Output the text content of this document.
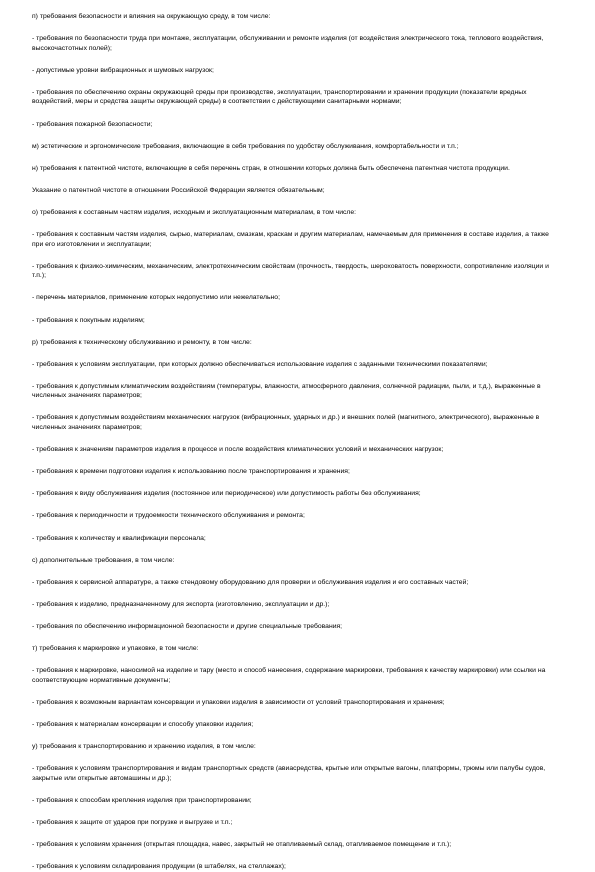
п) требования безопасности и влияния на окружающую среду, в том числе:

- требования по безопасности труда при монтаже, эксплуатации, обслуживании и ремонте изделия (от воздействия электрического тока, теплового воздействия, высокочастотных полей);

- допустимые уровни вибрационных и шумовых нагрузок;

- требования по обеспечению охраны окружающей среды при производстве, эксплуатации, транспортировании и хранении продукции (показатели вредных воздействий, меры и средства защиты окружающей среды) в соответствии с действующими санитарными нормами;

- требования пожарной безопасности;

м) эстетические и эргономические требования, включающие в себя требования по удобству обслуживания, комфортабельности и т.п.;

н) требования к патентной чистоте, включающие в себя перечень стран, в отношении которых должна быть обеспечена патентная чистота продукции.

Указание о патентной чистоте в отношении Российской Федерации является обязательным;

о) требования к составным частям изделия, исходным и эксплуатационным материалам, в том числе:

- требования к составным частям изделия, сырью, материалам, смазкам, краскам и другим материалам, намечаемым для применения в составе изделия, а также при его изготовлении и эксплуатации;

- требования к физико-химическим, механическим, электротехническим свойствам (прочность, твердость, шероховатость поверхности, сопротивление изоляции и т.п.);

- перечень материалов, применение которых недопустимо или нежелательно;

- требования к покупным изделиям;

р) требования к техническому обслуживанию и ремонту, в том числе:

- требования к условиям эксплуатации, при которых должно обеспечиваться использование изделия с заданными техническими показателями;

- требования к допустимым климатическим воздействиям (температуры, влажности, атмосферного давления, солнечной радиации, пыли, и т.д.), выраженные в численных значениях параметров;

- требования к допустимым воздействиям механических нагрузок (вибрационных, ударных и др.) и внешних полей (магнитного, электрического), выраженные в численных значениях параметров;

- требования к значениям параметров изделия в процессе и после воздействия климатических условий и механических нагрузок;

- требования к времени подготовки изделия к использованию после транспортирования и хранения;

- требования к виду обслуживания изделия (постоянное или периодическое) или допустимость работы без обслуживания;

- требования к периодичности и трудоемкости технического обслуживания и ремонта;

- требования к количеству и квалификации персонала;

с) дополнительные требования, в том числе:

- требования к сервисной аппаратуре, а также стендовому оборудованию для проверки и обслуживания изделия и его составных частей;

- требования к изделию, предназначенному для экспорта (изготовлению, эксплуатации и др.);

- требования по обеспечению информационной безопасности и другие специальные требования;

т) требования к маркировке и упаковке, в том числе:

- требования к маркировке, наносимой на изделие и тару (место и способ нанесения, содержание маркировки, требования к качеству маркировки) или ссылки на соответствующие нормативные документы;

- требования к возможным вариантам консервации и упаковки изделия в зависимости от условий транспортирования и хранения;

- требования к материалам консервации и способу упаковки изделия;

у) требования к транспортированию и хранению изделия, в том числе:

- требования к условиям транспортирования и видам транспортных средств (авиасредства, крытые или открытые вагоны, платформы, трюмы или палубы судов, закрытые или открытые автомашины и др.);

- требования к способам крепления изделия при транспортировании;

- требования к защите от ударов при погрузке и выгрузке и т.п.;

- требования к условиям хранения (открытая площадка, навес, закрытый не отапливаемый склад, отапливаемое помещение и т.п.);

- требования к условиям складирования продукции (в штабелях, на стеллажах);
